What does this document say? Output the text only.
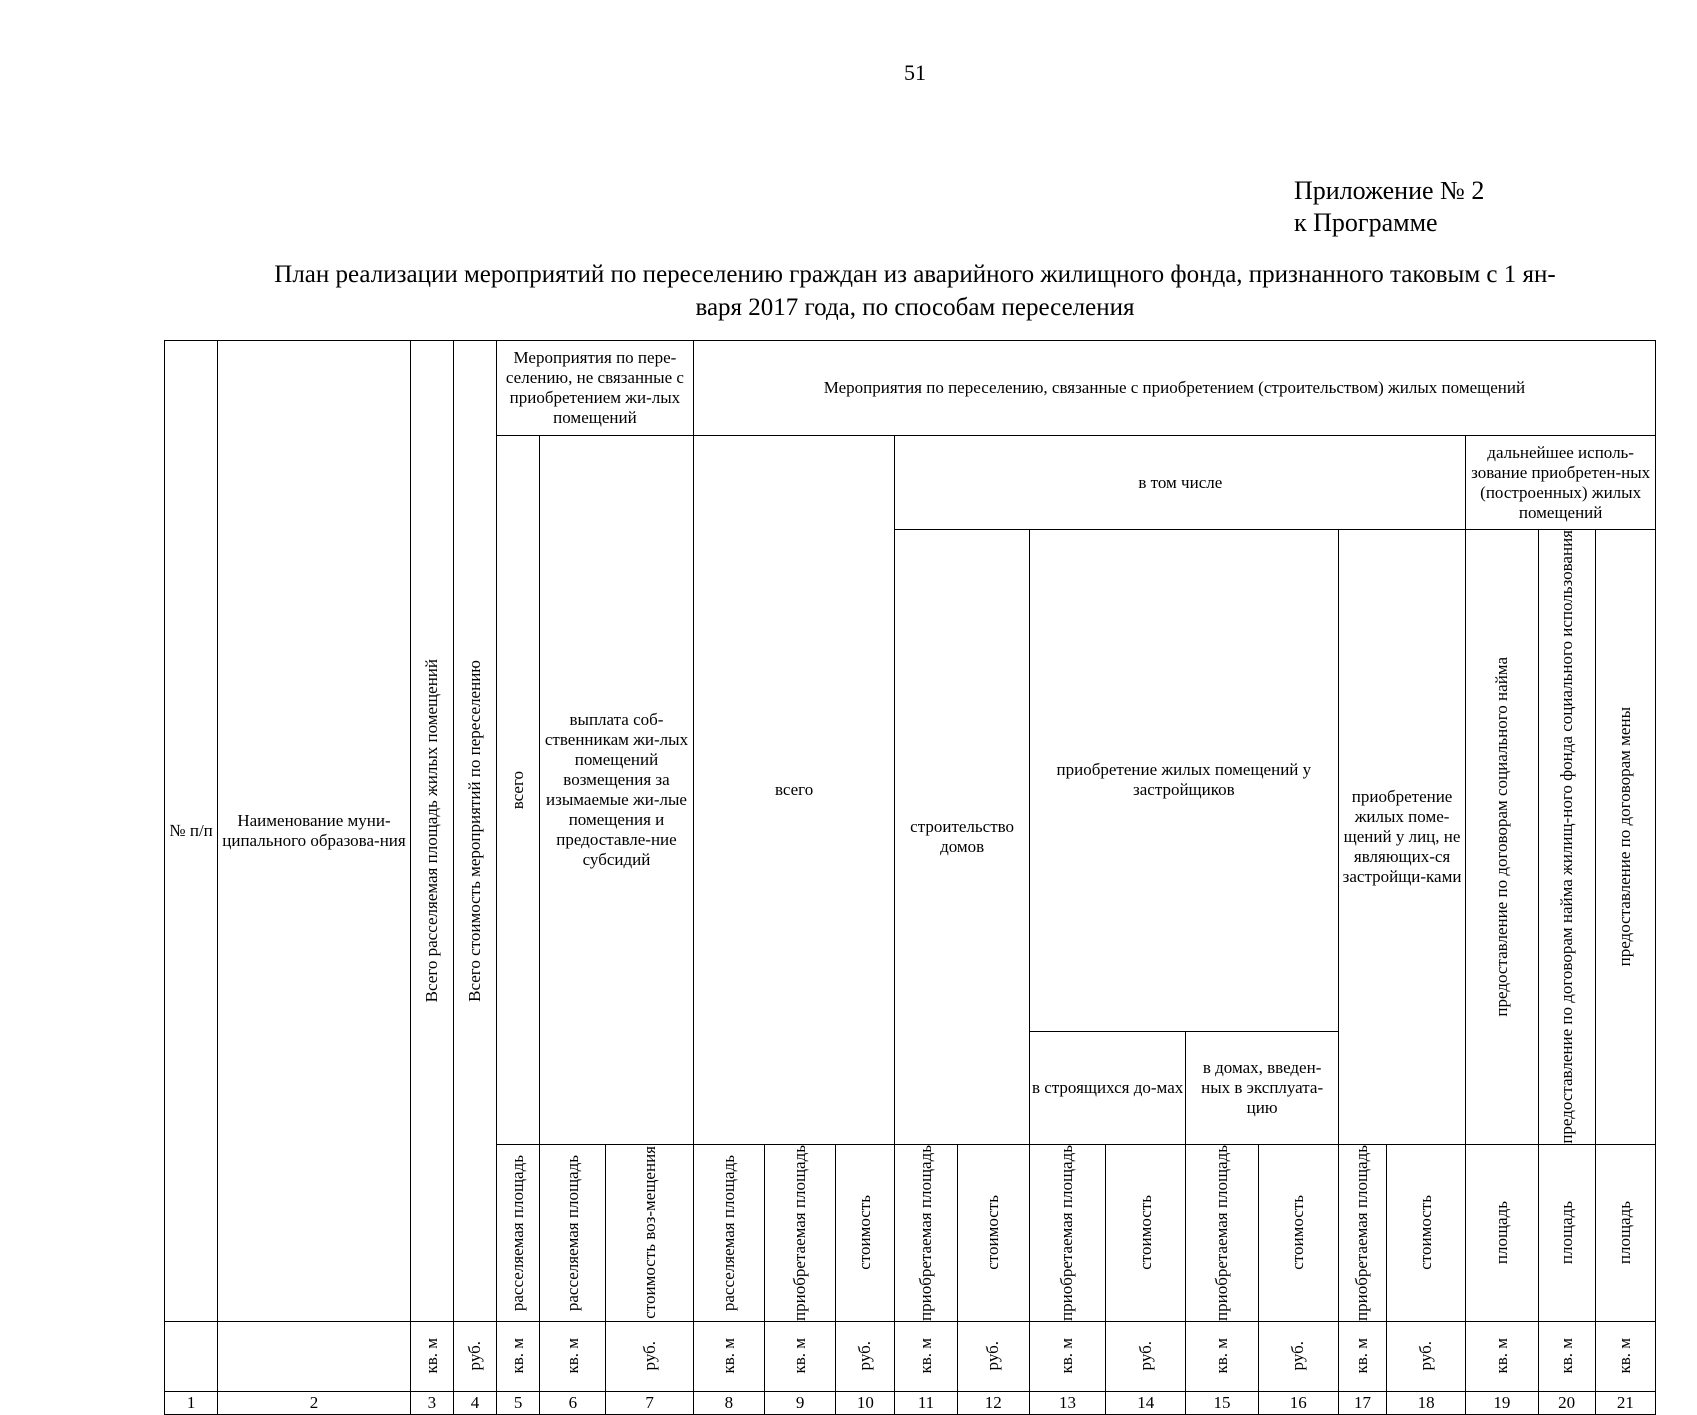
51
Приложение № 2
к Программе
План реализации мероприятий по переселению граждан из аварийного жилищного фонда, признанного таковым с 1 ян-
варя 2017 года, по способам переселения
№ п/п	Наименование муни-ципального образова-ния	Всего расселяемая площадь жилых помещений	Всего стоимость мероприятий по переселению	Мероприятия по пере-селению, не связанные с приобретением жи-лых помещений			Мероприятия по переселению, связанные с приобретением (строительством) жилых помещений													

				всего	выплата соб-ственникам жи-лых помещений возмещения за изымаемые жи-лые помещения и предоставле-ние субсидий		всего			в том числе								дальнейшее исполь-зование приобретен-ных (построенных) жилых помещений		
										строительство домов		приобретение жилых помещений у застройщиков				приобретение жилых поме-щений у лиц, не являющих-ся застройщи-ками		предоставление по договорам социального найма	предоставление по договорам найма жилищ-ного фонда социального использования	предоставление по договорам мены

												в строящихся до-мах		в домах, введен-ных в эксплуата-цию						

				расселяемая площадь	расселяемая площадь	стоимость воз-мещения	расселяемая площадь	приобретаемая площадь	стоимость	приобретаемая площадь	стоимость	приобретаемая площадь	стоимость	приобретаемая площадь	стоимость	приобретаемая площадь	стоимость	площадь	площадь	площадь

		кв. м	руб.	кв. м	кв. м	руб.	кв. м	кв. м	руб.	кв. м	руб.	кв. м	руб.	кв. м	руб.	кв. м	руб.	кв. м	кв. м	кв. м

1	2	3	4	5	6	7	8	9	10	11	12	13	14	15	16	17	18	19	20	21
